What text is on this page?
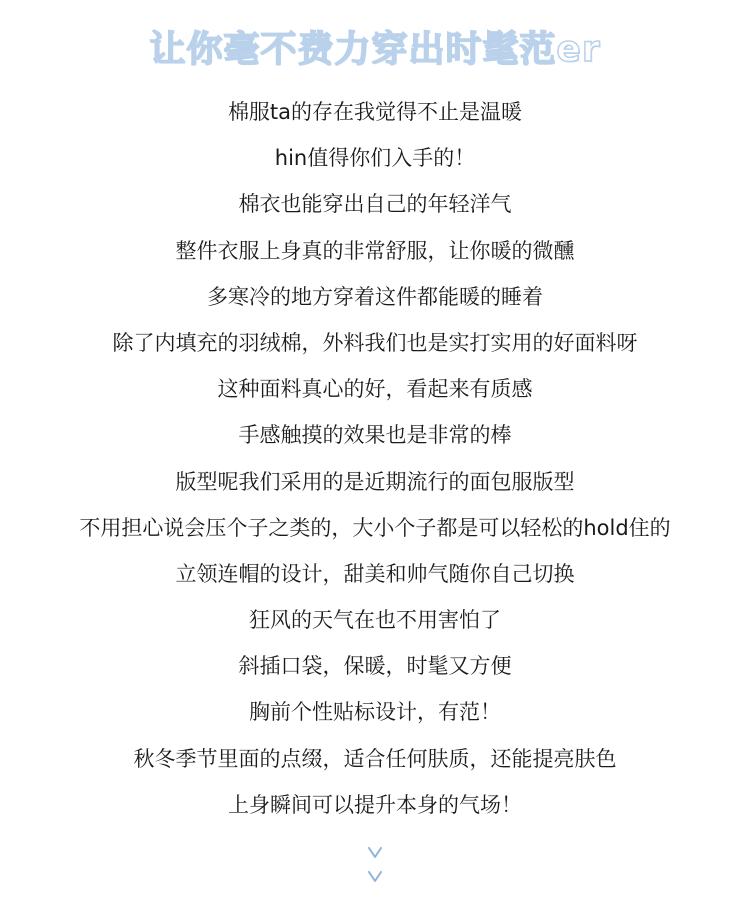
让你毫不费力穿出时髦范er
棉服ta的存在我觉得不止是温暖
hin值得你们入手的！
棉衣也能穿出自己的年轻洋气
整件衣服上身真的非常舒服，让你暖的微醺
多寒冷的地方穿着这件都能暖的睡着
除了内填充的羽绒棉，外料我们也是实打实用的好面料呀
这种面料真心的好，看起来有质感
手感触摸的效果也是非常的棒
版型呢我们采用的是近期流行的面包服版型
不用担心说会压个子之类的，大小个子都是可以轻松的hold住的
立领连帽的设计，甜美和帅气随你自己切换
狂风的天气在也不用害怕了
斜插口袋，保暖，时髦又方便
胸前个性贴标设计，有范！
秋冬季节里面的点缀，适合任何肤质，还能提亮肤色
上身瞬间可以提升本身的气场！
